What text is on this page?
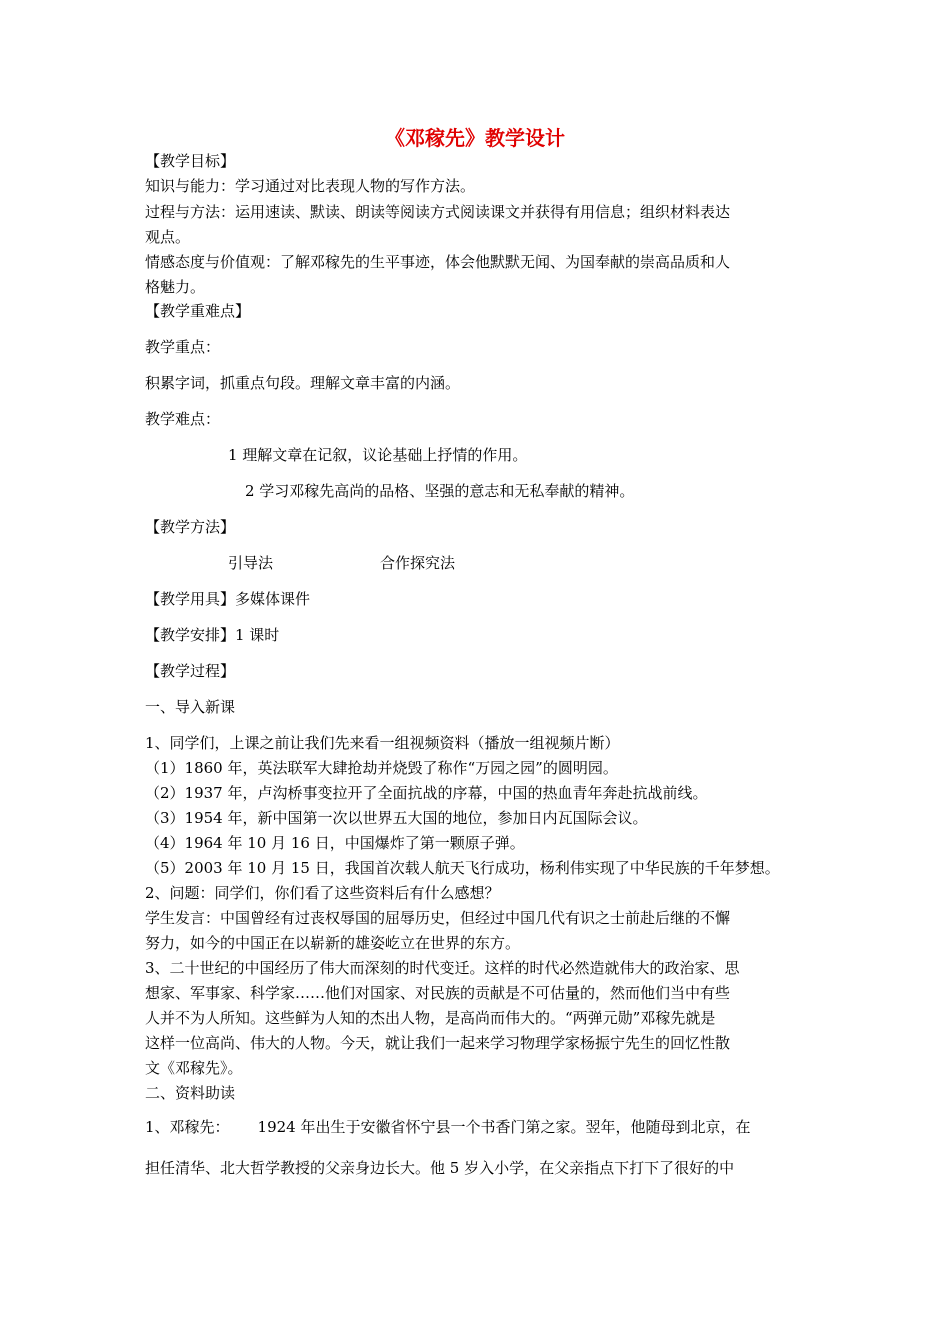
《邓稼先》教学设计
【教学目标】
知识与能力：学习通过对比表现人物的写作方法。
过程与方法：运用速读、默读、朗读等阅读方式阅读课文并获得有用信息；组织材料表达
观点。
情感态度与价值观：了解邓稼先的生平事迹，体会他默默无闻、为国奉献的崇高品质和人
格魅力。
【教学重难点】
教学重点：
积累字词，抓重点句段。理解文章丰富的内涵。
教学难点：
1 理解文章在记叙，议论基础上抒情的作用。
2 学习邓稼先高尚的品格、坚强的意志和无私奉献的精神。
【教学方法】
引导法	合作探究法
【教学用具】多媒体课件
【教学安排】1 课时
【教学过程】
一、导入新课
1、同学们，上课之前让我们先来看一组视频资料（播放一组视频片断）
（1）1860 年，英法联军大肆抢劫并烧毁了称作“万园之园”的圆明园。
（2）1937 年，卢沟桥事变拉开了全面抗战的序幕，中国的热血青年奔赴抗战前线。
（3）1954 年，新中国第一次以世界五大国的地位，参加日内瓦国际会议。
（4）1964 年 10 月 16 日，中国爆炸了第一颗原子弹。
（5）2003 年 10 月 15 日，我国首次载人航天飞行成功，杨利伟实现了中华民族的千年梦想。
2、问题：同学们，你们看了这些资料后有什么感想？
学生发言：中国曾经有过丧权辱国的屈辱历史，但经过中国几代有识之士前赴后继的不懈
努力，如今的中国正在以崭新的雄姿屹立在世界的东方。
3、二十世纪的中国经历了伟大而深刻的时代变迁。这样的时代必然造就伟大的政治家、思
想家、军事家、科学家……他们对国家、对民族的贡献是不可估量的，然而他们当中有些
人并不为人所知。这些鲜为人知的杰出人物，是高尚而伟大的。“两弹元勋”邓稼先就是
这样一位高尚、伟大的人物。今天，就让我们一起来学习物理学家杨振宁先生的回忆性散
文《邓稼先》。
二、资料助读
1、邓稼先： 1924 年出生于安徽省怀宁县一个书香门第之家。翌年，他随母到北京，在
担任清华、北大哲学教授的父亲身边长大。他 5 岁入小学，在父亲指点下打下了很好的中
